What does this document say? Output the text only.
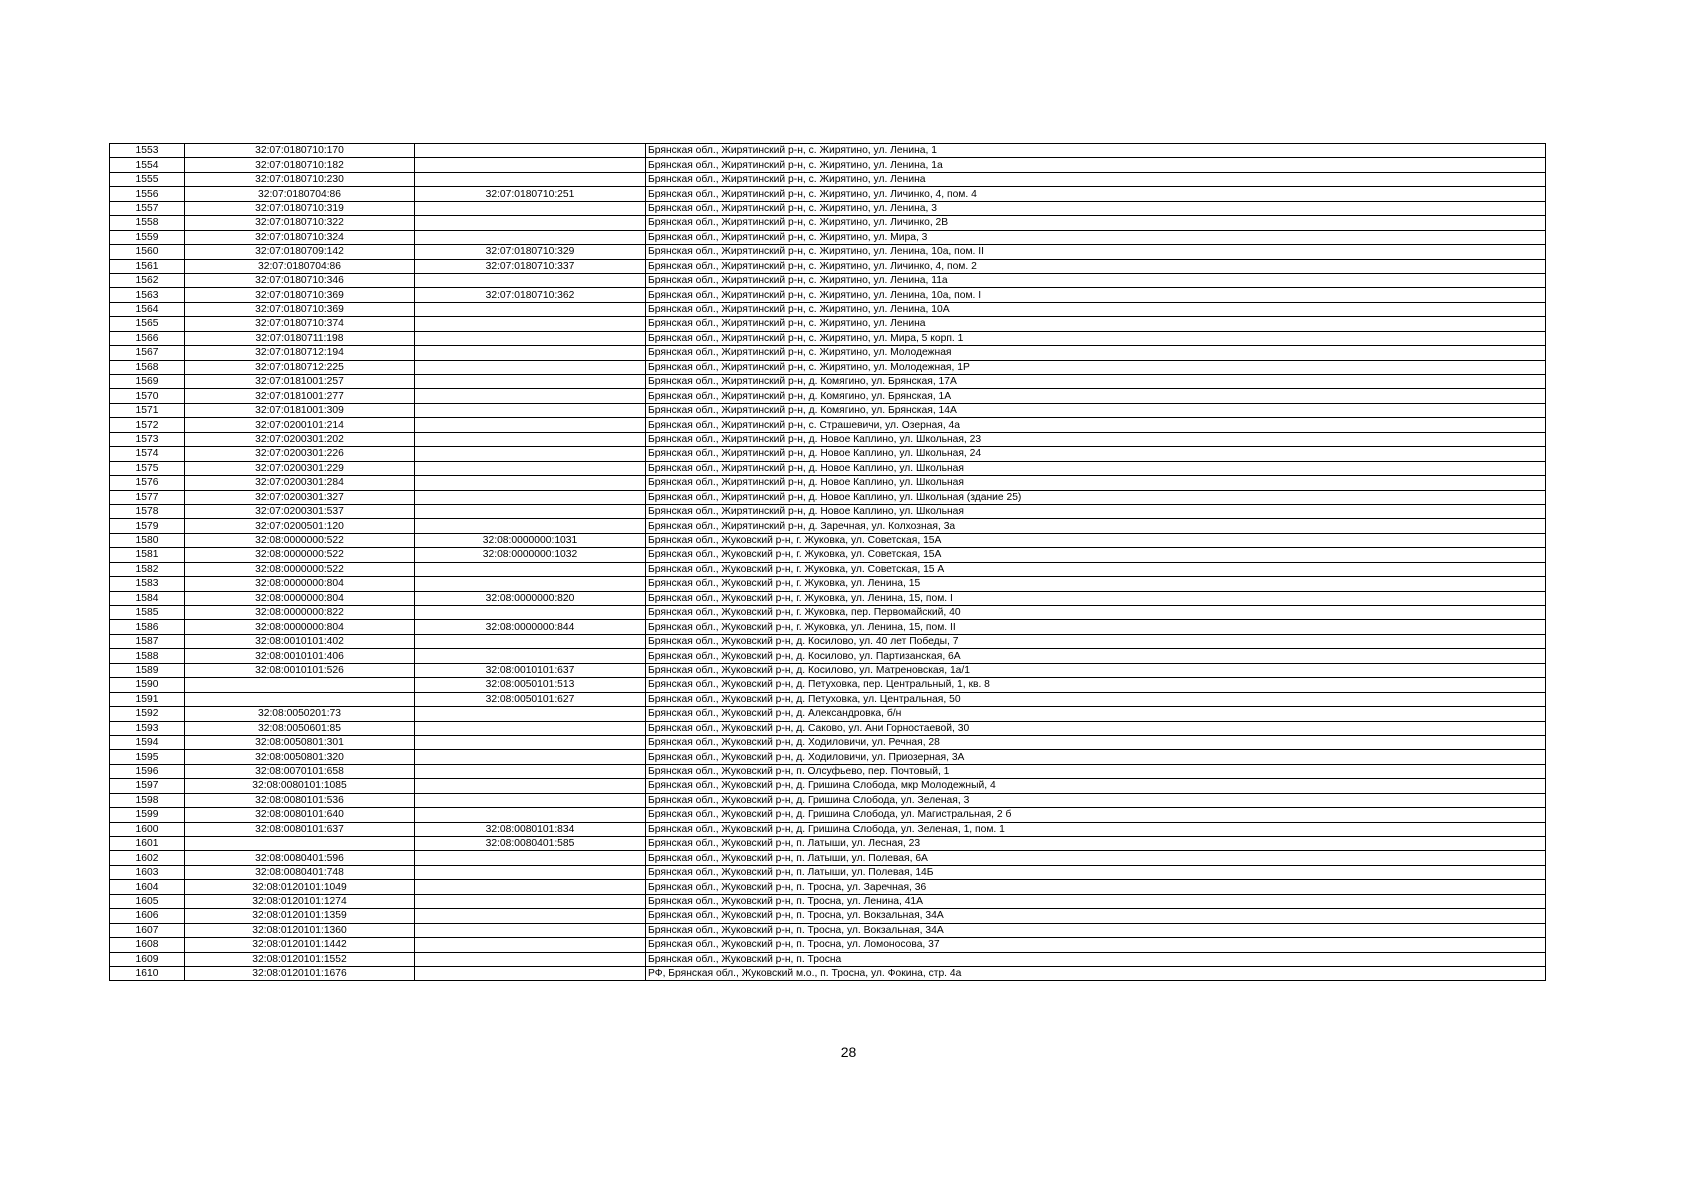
1553	32:07:0180710:170		Брянская обл., Жирятинский р-н, с. Жирятино, ул. Ленина, 1
1554	32:07:0180710:182		Брянская обл., Жирятинский р-н, с. Жирятино, ул. Ленина, 1а
1555	32:07:0180710:230		Брянская обл., Жирятинский р-н, с. Жирятино, ул. Ленина
1556	32:07:0180704:86	32:07:0180710:251	Брянская обл., Жирятинский р-н, с. Жирятино, ул. Личинко, 4, пом. 4
1557	32:07:0180710:319		Брянская обл., Жирятинский р-н, с. Жирятино, ул. Ленина, 3
1558	32:07:0180710:322		Брянская обл., Жирятинский р-н, с. Жирятино, ул. Личинко, 2В
1559	32:07:0180710:324		Брянская обл., Жирятинский р-н, с. Жирятино, ул. Мира, 3
1560	32:07:0180709:142	32:07:0180710:329	Брянская обл., Жирятинский р-н, с. Жирятино, ул. Ленина, 10а, пом. II
1561	32:07:0180704:86	32:07:0180710:337	Брянская обл., Жирятинский р-н, с. Жирятино, ул. Личинко, 4, пом. 2
1562	32:07:0180710:346		Брянская обл., Жирятинский р-н, с. Жирятино, ул. Ленина, 11а
1563	32:07:0180710:369	32:07:0180710:362	Брянская обл., Жирятинский р-н, с. Жирятино, ул. Ленина, 10а, пом. I
1564	32:07:0180710:369		Брянская обл., Жирятинский р-н, с. Жирятино, ул. Ленина, 10А
1565	32:07:0180710:374		Брянская обл., Жирятинский р-н, с. Жирятино, ул. Ленина
1566	32:07:0180711:198		Брянская обл., Жирятинский р-н, с. Жирятино, ул. Мира, 5 корп. 1
1567	32:07:0180712:194		Брянская обл., Жирятинский р-н, с. Жирятино, ул. Молодежная
1568	32:07:0180712:225		Брянская обл., Жирятинский р-н, с. Жирятино, ул. Молодежная, 1Р
1569	32:07:0181001:257		Брянская обл., Жирятинский р-н, д. Комягино, ул. Брянская, 17А
1570	32:07:0181001:277		Брянская обл., Жирятинский р-н, д. Комягино, ул. Брянская, 1А
1571	32:07:0181001:309		Брянская обл., Жирятинский р-н, д. Комягино, ул. Брянская, 14А
1572	32:07:0200101:214		Брянская обл., Жирятинский р-н, с. Страшевичи, ул. Озерная, 4а
1573	32:07:0200301:202		Брянская обл., Жирятинский р-н, д. Новое Каплино, ул. Школьная, 23
1574	32:07:0200301:226		Брянская обл., Жирятинский р-н, д. Новое Каплино, ул. Школьная, 24
1575	32:07:0200301:229		Брянская обл., Жирятинский р-н, д. Новое Каплино, ул. Школьная
1576	32:07:0200301:284		Брянская обл., Жирятинский р-н, д. Новое Каплино, ул. Школьная
1577	32:07:0200301:327		Брянская обл., Жирятинский р-н, д. Новое Каплино, ул. Школьная (здание 25)
1578	32:07:0200301:537		Брянская обл., Жирятинский р-н, д. Новое Каплино, ул. Школьная
1579	32:07:0200501:120		Брянская обл., Жирятинский р-н, д. Заречная, ул. Колхозная, 3а
1580	32:08:0000000:522	32:08:0000000:1031	Брянская обл., Жуковский р-н, г. Жуковка, ул. Советская, 15А
1581	32:08:0000000:522	32:08:0000000:1032	Брянская обл., Жуковский р-н, г. Жуковка, ул. Советская, 15А
1582	32:08:0000000:522		Брянская обл., Жуковский р-н, г. Жуковка, ул. Советская, 15 А
1583	32:08:0000000:804		Брянская обл., Жуковский р-н, г. Жуковка, ул. Ленина, 15
1584	32:08:0000000:804	32:08:0000000:820	Брянская обл., Жуковский р-н, г. Жуковка, ул. Ленина, 15, пом. I
1585	32:08:0000000:822		Брянская обл., Жуковский р-н, г. Жуковка, пер. Первомайский, 40
1586	32:08:0000000:804	32:08:0000000:844	Брянская обл., Жуковский р-н, г. Жуковка, ул. Ленина, 15, пом. II
1587	32:08:0010101:402		Брянская обл., Жуковский р-н, д. Косилово, ул. 40 лет Победы, 7
1588	32:08:0010101:406		Брянская обл., Жуковский р-н, д. Косилово, ул. Партизанская, 6А
1589	32:08:0010101:526	32:08:0010101:637	Брянская обл., Жуковский р-н, д. Косилово, ул. Матреновская, 1а/1
1590		32:08:0050101:513	Брянская обл., Жуковский р-н, д. Петуховка, пер. Центральный, 1, кв. 8
1591		32:08:0050101:627	Брянская обл., Жуковский р-н, д. Петуховка, ул. Центральная, 50
1592	32:08:0050201:73		Брянская обл., Жуковский р-н, д. Александровка, б/н
1593	32:08:0050601:85		Брянская обл., Жуковский р-н, д. Саково, ул. Ани Горностаевой, 30
1594	32:08:0050801:301		Брянская обл., Жуковский р-н, д. Ходиловичи, ул. Речная, 28
1595	32:08:0050801:320		Брянская обл., Жуковский р-н, д. Ходиловичи, ул. Приозерная, 3А
1596	32:08:0070101:658		Брянская обл., Жуковский р-н, п. Олсуфьево, пер. Почтовый, 1
1597	32:08:0080101:1085		Брянская обл., Жуковский р-н, д. Гришина Слобода, мкр Молодежный, 4
1598	32:08:0080101:536		Брянская обл., Жуковский р-н, д. Гришина Слобода, ул. Зеленая, 3
1599	32:08:0080101:640		Брянская обл., Жуковский р-н, д. Гришина Слобода, ул. Магистральная, 2 б
1600	32:08:0080101:637	32:08:0080101:834	Брянская обл., Жуковский р-н, д. Гришина Слобода, ул. Зеленая, 1, пом. 1
1601		32:08:0080401:585	Брянская обл., Жуковский р-н, п. Латыши, ул. Лесная, 23
1602	32:08:0080401:596		Брянская обл., Жуковский р-н, п. Латыши, ул. Полевая, 6А
1603	32:08:0080401:748		Брянская обл., Жуковский р-н, п. Латыши, ул. Полевая, 14Б
1604	32:08:0120101:1049		Брянская обл., Жуковский р-н, п. Тросна, ул. Заречная, 36
1605	32:08:0120101:1274		Брянская обл., Жуковский р-н, п. Тросна, ул. Ленина, 41А
1606	32:08:0120101:1359		Брянская обл., Жуковский р-н, п. Тросна, ул. Вокзальная, 34А
1607	32:08:0120101:1360		Брянская обл., Жуковский р-н, п. Тросна, ул. Вокзальная, 34А
1608	32:08:0120101:1442		Брянская обл., Жуковский р-н, п. Тросна, ул. Ломоносова, 37
1609	32:08:0120101:1552		Брянская обл., Жуковский р-н, п. Тросна
1610	32:08:0120101:1676		РФ, Брянская обл., Жуковский м.о., п. Тросна, ул. Фокина, стр. 4а
28
